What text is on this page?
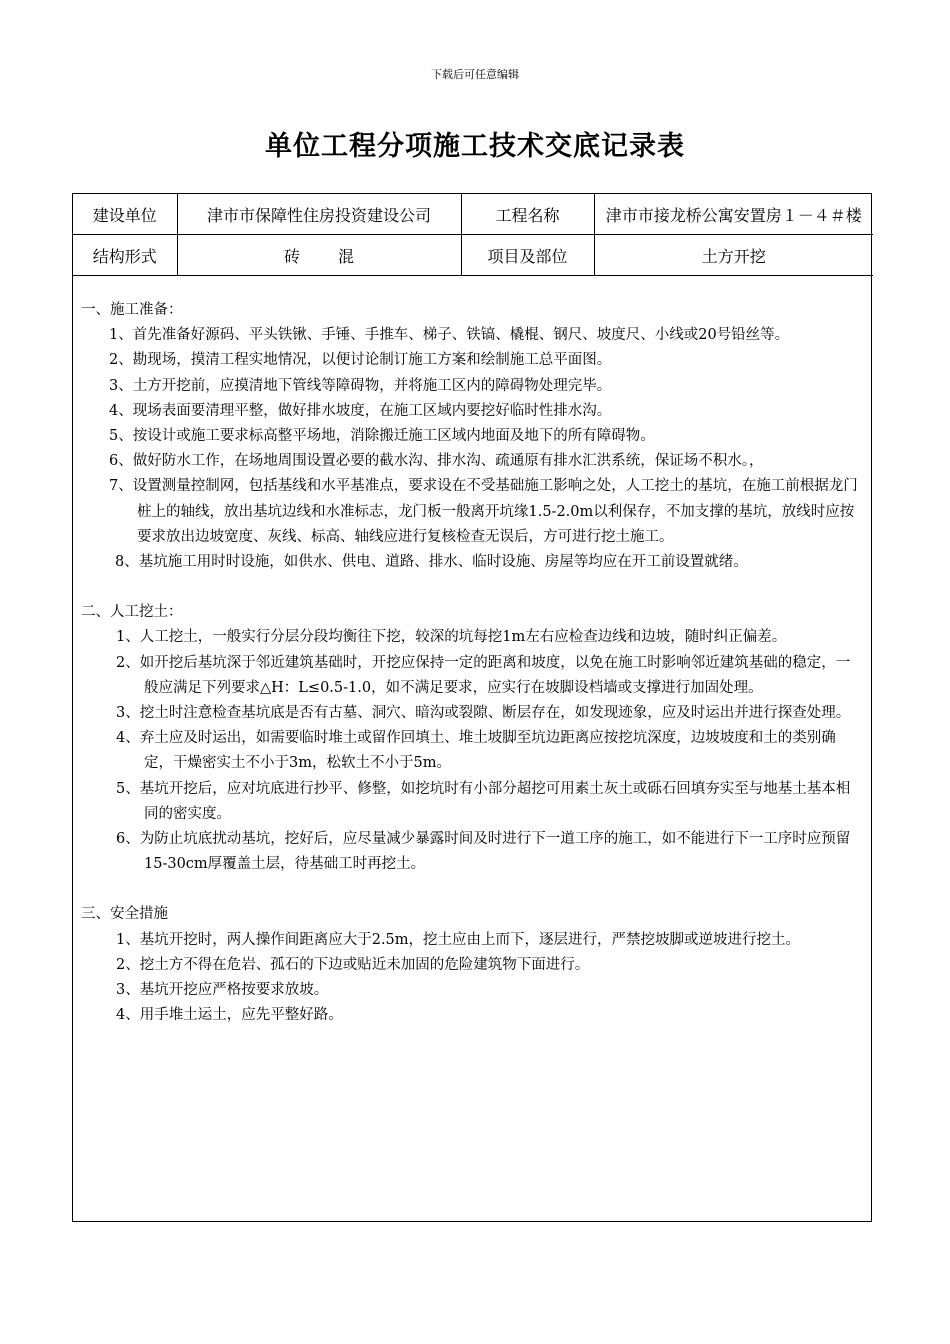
下载后可任意编辑
单位工程分项施工技术交底记录表
建设单位	津市市保障性住房投资建设公司	工程名称	津市市接龙桥公寓安置房１－４＃楼
结构形式	砖混	项目及部位	土方开挖

一、施工准备：

1、首先准备好源码、平头铁锹、手锤、手推车、梯子、铁镐、橇棍、钢尺、坡度尺、小线或20号铅丝等。

2、勘现场，摸清工程实地情况，以便讨论制订施工方案和绘制施工总平面图。

3、土方开挖前，应摸清地下管线等障碍物，并将施工区内的障碍物处理完毕。

4、现场表面要清理平整，做好排水坡度，在施工区域内要挖好临时性排水沟。

5、按设计或施工要求标高整平场地，消除搬迁施工区域内地面及地下的所有障碍物。

6、做好防水工作，在场地周围设置必要的截水沟、排水沟、疏通原有排水汇洪系统，保证场不积水。，

7、设置测量控制网，包括基线和水平基准点，要求设在不受基础施工影响之处，人工挖土的基坑，在施工前根据龙门桩上的轴线，放出基坑边线和水准标志，龙门板一般离开坑缘1.5-2.0m以利保存，不加支撑的基坑，放线时应按要求放出边坡宽度、灰线、标高、轴线应进行复核检查无误后，方可进行挖土施工。

8、基坑施工用时时设施，如供水、供电、道路、排水、临时设施、房屋等均应在开工前设置就绪。

二、人工挖土：

1、人工挖土，一般实行分层分段均衡往下挖，较深的坑每挖1m左右应检查边线和边坡，随时纠正偏差。

2、如开挖后基坑深于邻近建筑基础时，开挖应保持一定的距离和坡度，以免在施工时影响邻近建筑基础的稳定，一般应满足下列要求△H：L≤0.5-1.0，如不满足要求，应实行在坡脚设档墙或支撑进行加固处理。

3、挖土时注意检查基坑底是否有古墓、洞穴、暗沟或裂隙、断层存在，如发现迹象，应及时运出并进行探查处理。

4、弃土应及时运出，如需要临时堆土或留作回填土、堆土坡脚至坑边距离应按挖坑深度，边坡坡度和土的类别确定，干燥密实土不小于3m，松软土不小于5m。

5、基坑开挖后，应对坑底进行抄平、修整，如挖坑时有小部分超挖可用素土灰土或砾石回填夯实至与地基土基本相同的密实度。

6、为防止坑底扰动基坑，挖好后，应尽量减少暴露时间及时进行下一道工序的施工，如不能进行下一工序时应预留15-30cm厚覆盖土层，待基础工时再挖土。

三、安全措施

1、基坑开挖时，两人操作间距离应大于2.5m，挖土应由上而下，逐层进行，严禁挖坡脚或逆坡进行挖土。

2、挖土方不得在危岩、孤石的下边或贴近未加固的危险建筑物下面进行。

3、基坑开挖应严格按要求放坡。

4、用手堆土运土，应先平整好路。
